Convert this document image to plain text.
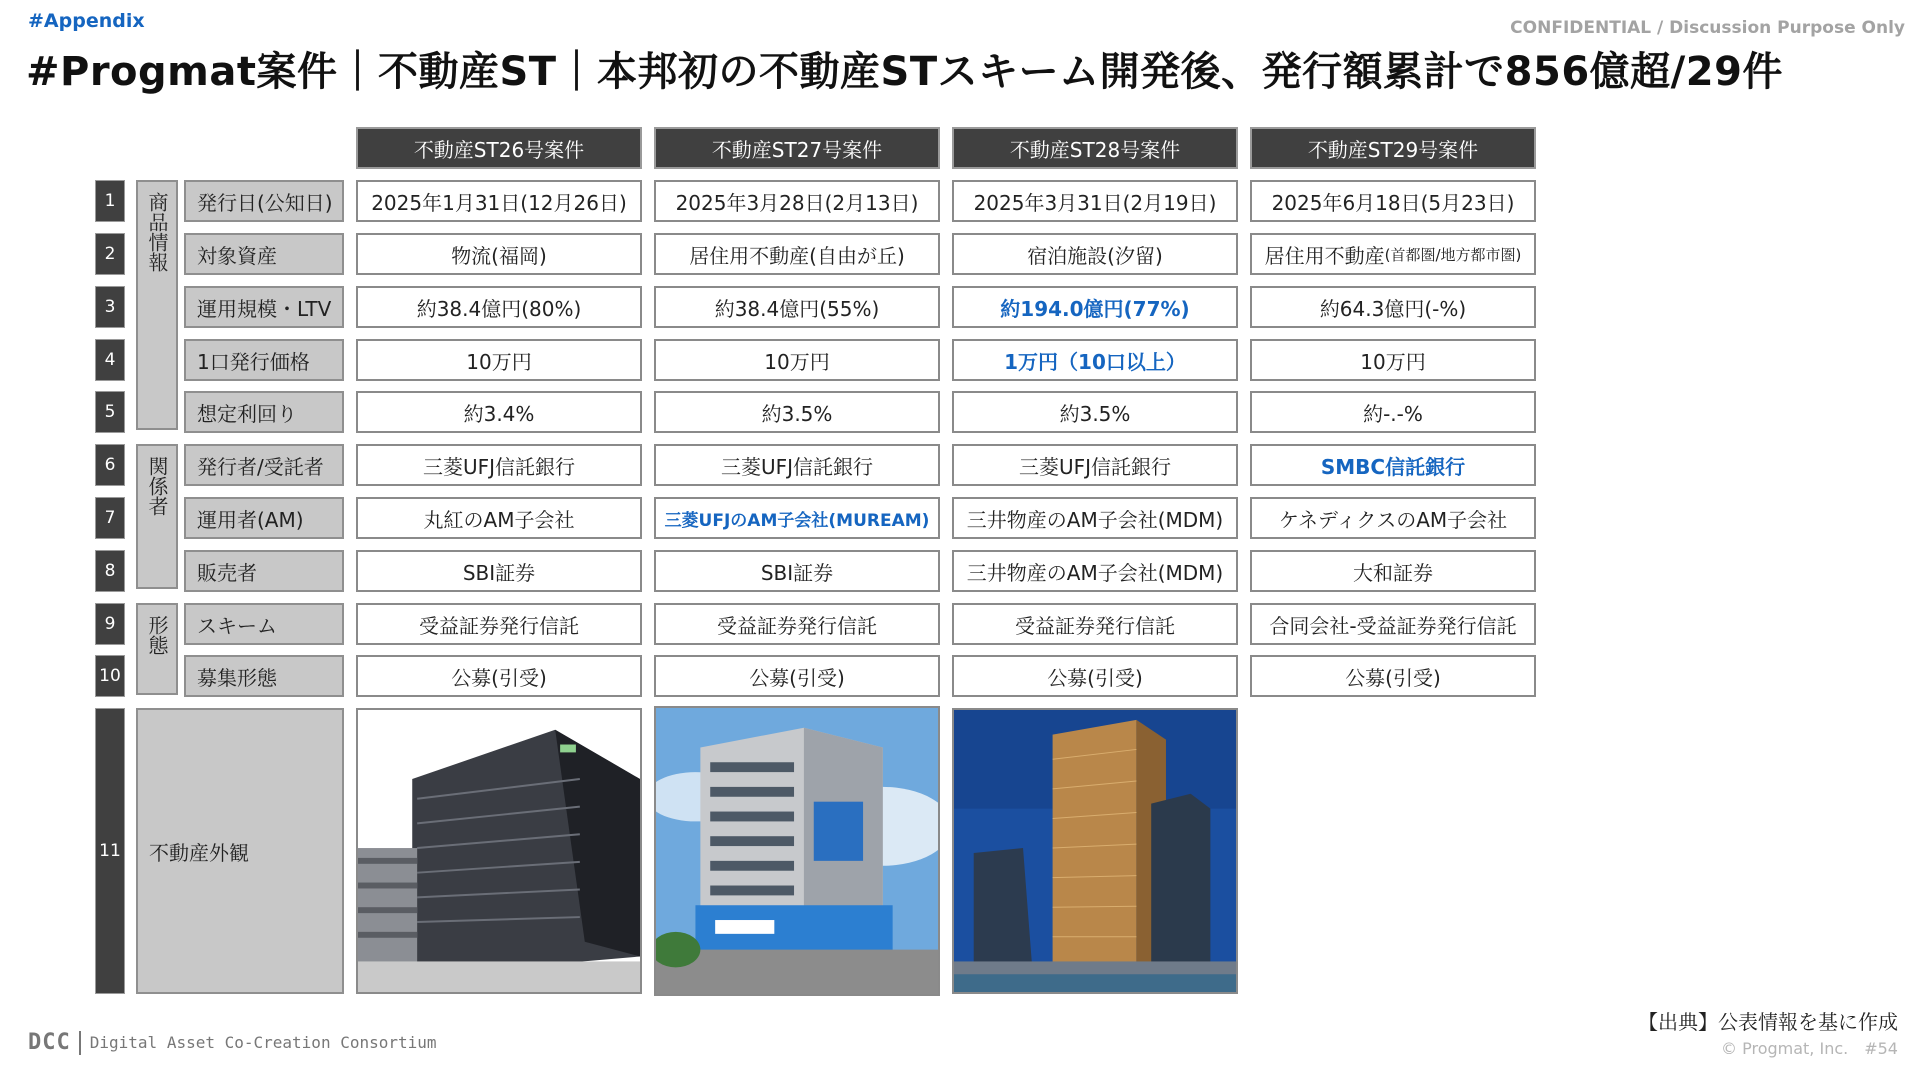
#Appendix	CONFIDENTIAL / Discussion Purpose Only
#Progmat案件｜不動産ST｜本邦初の不動産STスキーム開発後、発行額累計で856億超/29件
不動産ST26号案件	不動産ST27号案件	不動産ST28号案件	不動産ST29号案件
商品情報
関係者
形態
1	発行日(公知日)	2025年1月31日(12月26日)	2025年3月28日(2月13日)	2025年3月31日(2月19日)	2025年6月18日(5月23日)
2	対象資産	物流(福岡)	居住用不動産(自由が丘)	宿泊施設(汐留)	居住用不動産 (首都圏/地方都市圏)
3	運用規模・LTV	約38.4億円(80%)	約38.4億円(55%)	約194.0億円(77%)	約64.3億円(-%)
4	1口発行価格	10万円	10万円	1万円（10口以上）	10万円
5	想定利回り	約3.4%	約3.5%	約3.5%	約-.-%
6	発行者/受託者	三菱UFJ信託銀行	三菱UFJ信託銀行	三菱UFJ信託銀行	SMBC信託銀行
7	運用者(AM)	丸紅のAM子会社	三菱UFJのAM子会社(MUREAM)	三井物産のAM子会社(MDM)	ケネディクスのAM子会社
8	販売者	SBI証券	SBI証券	三井物産のAM子会社(MDM)	大和証券
9	スキーム	受益証券発行信託	受益証券発行信託	受益証券発行信託	合同会社-受益証券発行信託
10	募集形態	公募(引受)	公募(引受)	公募(引受)	公募(引受)
11	不動産外観
【出典】公表情報を基に作成
© Progmat, Inc.　#54
DCC Digital Asset Co-Creation Consortium
